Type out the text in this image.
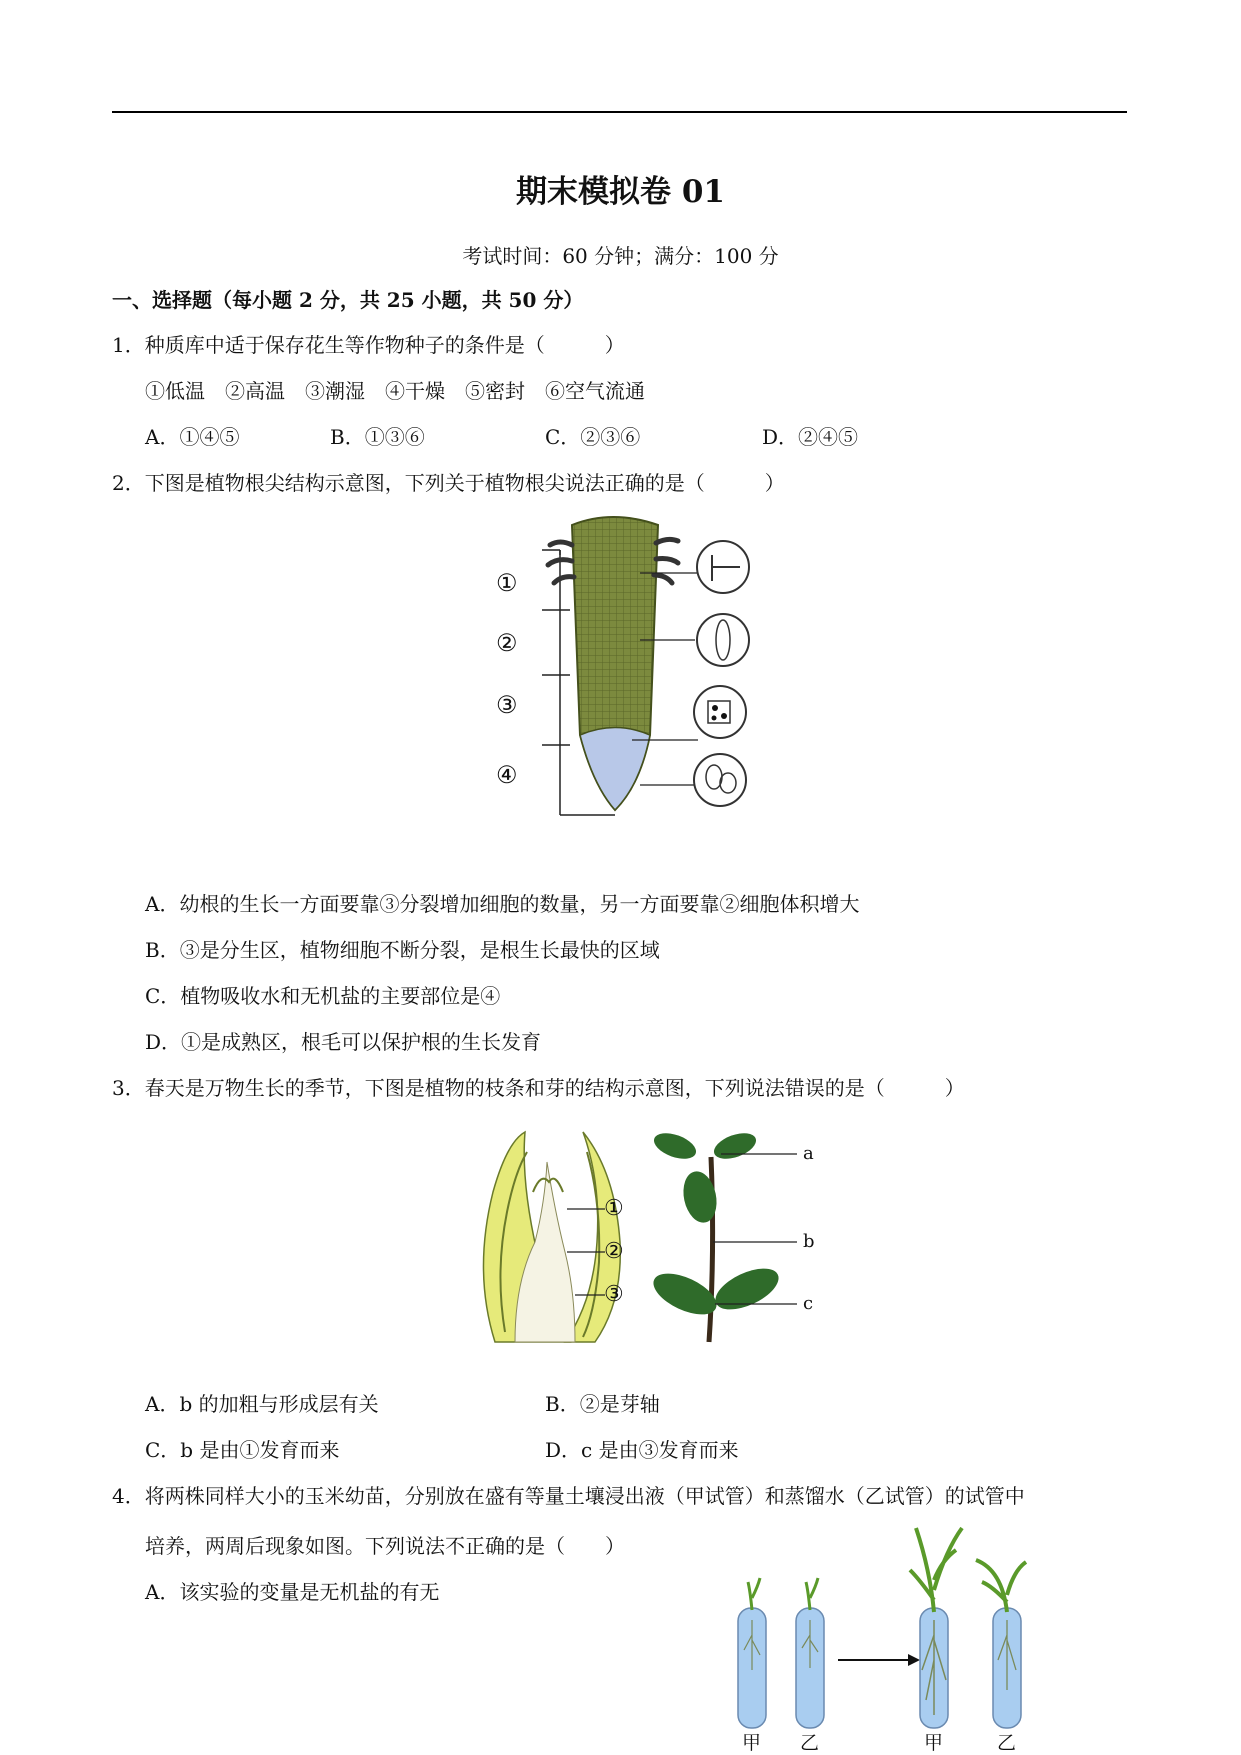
期末模拟卷 01
考试时间：60 分钟；满分：100 分
一、选择题（每小题 2 分，共 25 小题，共 50 分）
1．种质库中适于保存花生等作物种子的条件是（　　　）
①低温　②高温　③潮湿　④干燥　⑤密封　⑥空气流通
A．①④⑤	B．①③⑥	C．②③⑥	D．②④⑤
2．下图是植物根尖结构示意图，下列关于植物根尖说法正确的是（　　　）
①
②
③
④
A．幼根的生长一方面要靠③分裂增加细胞的数量，另一方面要靠②细胞体积增大
B．③是分生区，植物细胞不断分裂，是根生长最快的区域
C．植物吸收水和无机盐的主要部位是④
D．①是成熟区，根毛可以保护根的生长发育
3．春天是万物生长的季节，下图是植物的枝条和芽的结构示意图，下列说法错误的是（　　　）
①
②
③
a
b
c
A．b 的加粗与形成层有关	B．②是芽轴
C．b 是由①发育而来	D．c 是由③发育而来
4．将两株同样大小的玉米幼苗，分别放在盛有等量土壤浸出液（甲试管）和蒸馏水（乙试管）的试管中
培养，两周后现象如图。下列说法不正确的是（　　）
A．该实验的变量是无机盐的有无
甲 乙	甲	乙
